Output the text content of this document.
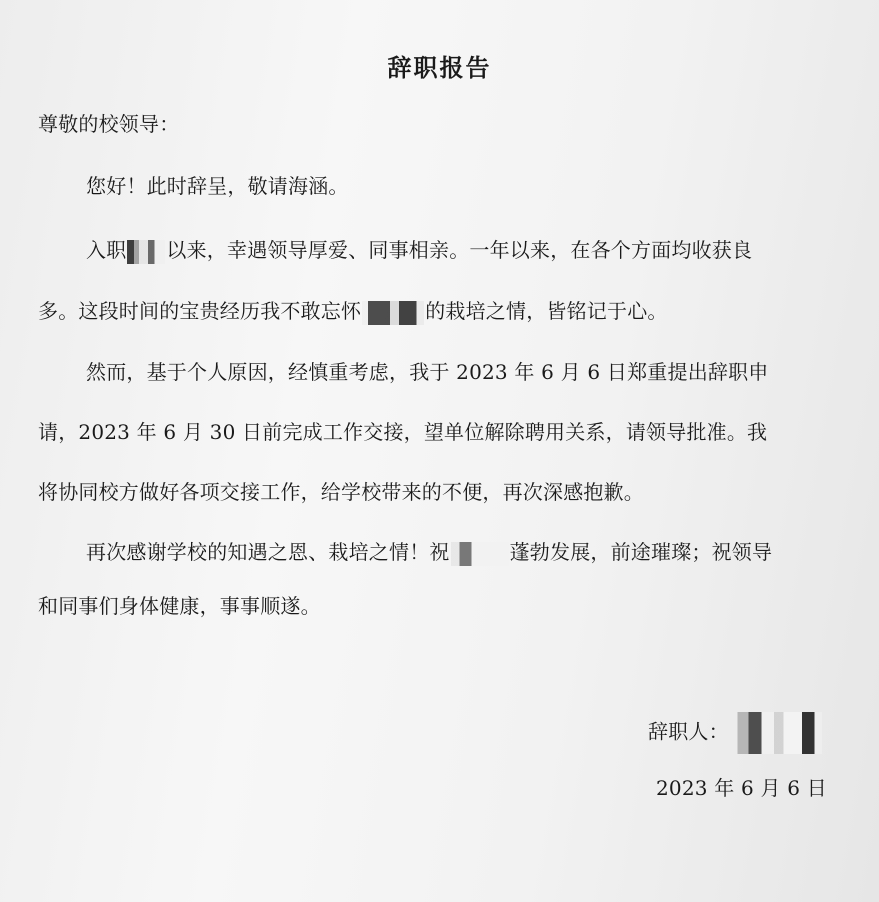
辞职报告
尊敬的校领导：
您好！此时辞呈，敬请海涵。
入职 以来，幸遇领导厚爱、同事相亲。一年以来，在各个方面均收获良
多。这段时间的宝贵经历我不敢忘怀	的栽培之情，皆铭记于心。
然而，基于个人原因，经慎重考虑，我于 2023 年 6 月 6 日郑重提出辞职申
请，2023 年 6 月 30 日前完成工作交接，望单位解除聘用关系，请领导批准。我
将协同校方做好各项交接工作，给学校带来的不便，再次深感抱歉。
再次感谢学校的知遇之恩、栽培之情！祝	蓬勃发展，前途璀璨；祝领导
和同事们身体健康，事事顺遂。
辞职人：
2023 年 6 月 6 日
